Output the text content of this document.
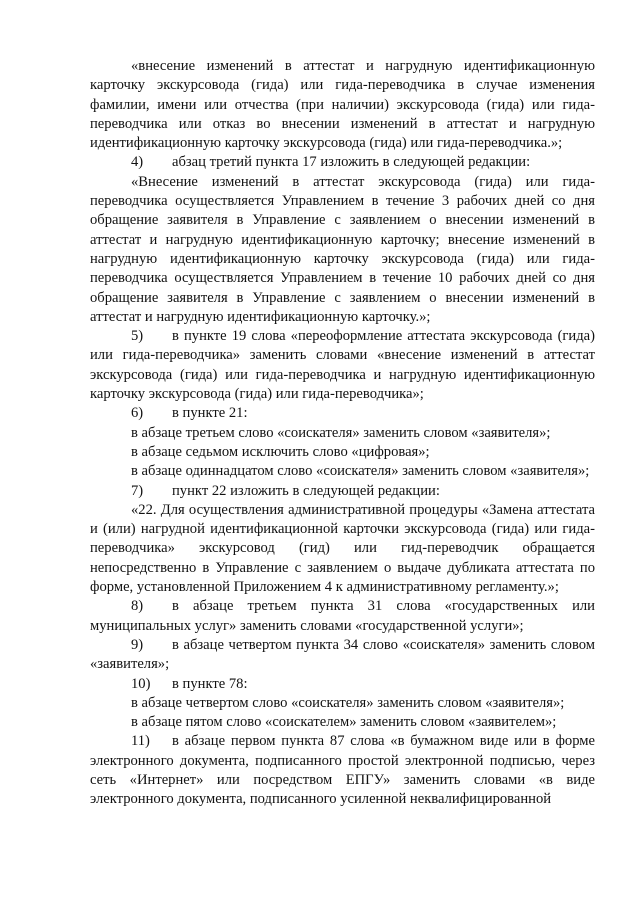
«внесение изменений в аттестат и нагрудную идентификационную карточку экскурсовода (гида) или гида-переводчика в случае изменения фамилии, имени или отчества (при наличии) экскурсовода (гида) или гида-переводчика или отказ во внесении изменений в аттестат и нагрудную идентификационную карточку экскурсовода (гида) или гида-переводчика.»;

4) абзац третий пункта 17 изложить в следующей редакции:

«Внесение изменений в аттестат экскурсовода (гида) или гида-переводчика осуществляется Управлением в течение 3 рабочих дней со дня обращение заявителя в Управление с заявлением о внесении изменений в аттестат и нагрудную идентификационную карточку; внесение изменений в нагрудную идентификационную карточку экскурсовода (гида) или гида-переводчика осуществляется Управлением в течение 10 рабочих дней со дня обращение заявителя в Управление с заявлением о внесении изменений в аттестат и нагрудную идентификационную карточку.»;

5) в пункте 19 слова «переоформление аттестата экскурсовода (гида) или гида-переводчика» заменить словами «внесение изменений в аттестат экскурсовода (гида) или гида-переводчика и нагрудную идентификационную карточку экскурсовода (гида) или гида-переводчика»;

6) в пункте 21:

в абзаце третьем слово «соискателя» заменить словом «заявителя»;

в абзаце седьмом исключить слово «цифровая»;

в абзаце одиннадцатом слово «соискателя» заменить словом «заявителя»;

7) пункт 22 изложить в следующей редакции:

«22. Для осуществления административной процедуры «Замена аттестата и (или) нагрудной идентификационной карточки экскурсовода (гида) или гида-переводчика» экскурсовод (гид) или гид-переводчик обращается непосредственно в Управление с заявлением о выдаче дубликата аттестата по форме, установленной Приложением 4 к административному регламенту.»;

8) в абзаце третьем пункта 31 слова «государственных или муниципальных услуг» заменить словами «государственной услуги»;

9) в абзаце четвертом пункта 34 слово «соискателя» заменить словом «заявителя»;

10) в пункте 78:

в абзаце четвертом слово «соискателя» заменить словом «заявителя»;

в абзаце пятом слово «соискателем» заменить словом «заявителем»;

11) в абзаце первом пункта 87 слова «в бумажном виде или в форме электронного документа, подписанного простой электронной подписью, через сеть «Интернет» или посредством ЕПГУ» заменить словами «в виде электронного документа, подписанного усиленной неквалифицированной
